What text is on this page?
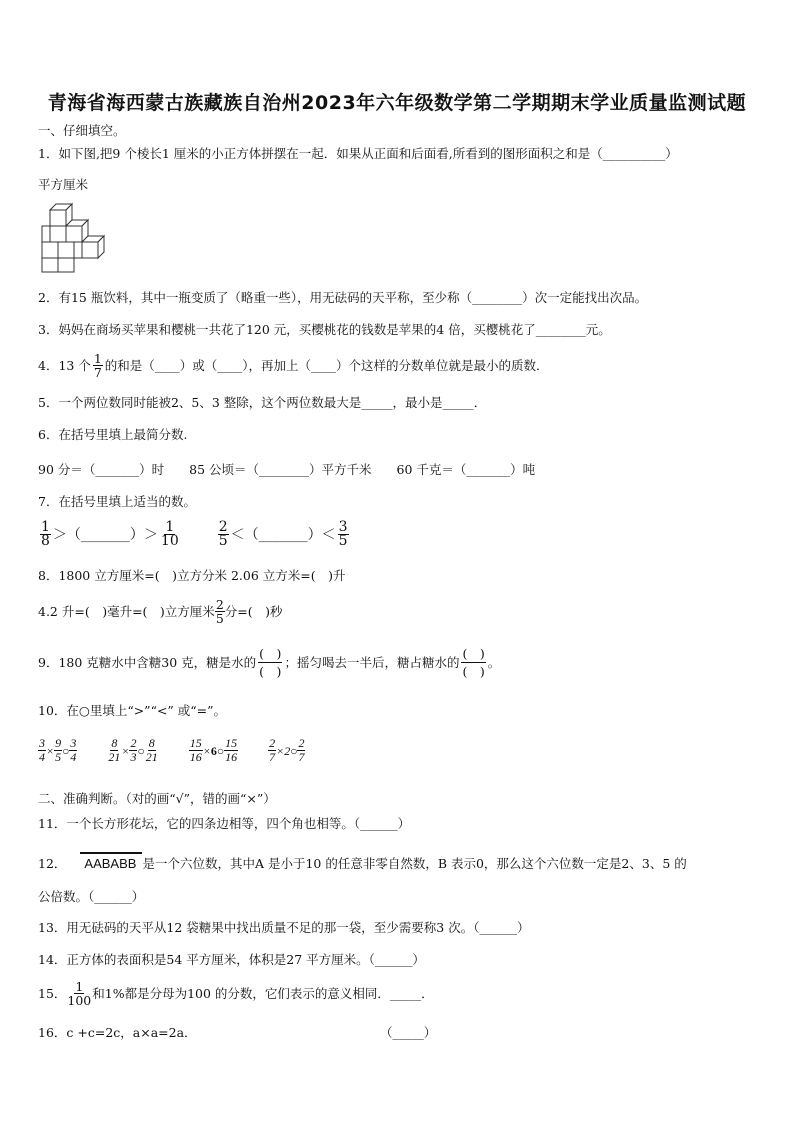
青海省海西蒙古族藏族自治州2023年六年级数学第二学期期末学业质量监测试题
一、仔细填空。
1．如下图,把9 个棱长1 厘米的小正方体拼摆在一起．如果从正面和后面看,所看到的图形面积之和是（__________）
平方厘米
2．有15 瓶饮料，其中一瓶变质了（略重一些），用无砝码的天平称，至少称（________）次一定能找出次品。
3．妈妈在商场买苹果和樱桃一共花了120 元，买樱桃花的钱数是苹果的4 倍，买樱桃花了________元。
4．13 个 1
7 的和是（____）或（____），再加上（____）个这样的分数单位就是最小的质数．
5．一个两位数同时能被2、5、3 整除，这个两位数最大是_____，最小是_____．
6．在括号里填上最简分数.
90 分＝（_______）时　　85 公顷＝（________）平方千米　　60 千克＝（_______）吨
7．在括号里填上适当的数。
1
8 ＞（_______）＞ 1
10
2
5 ＜（_______）＜ 3
5
8．1800 立方厘米=(　)立方分米 2.06 立方米=(　)升
4.2 升=(　)毫升=(　)立方厘米 2
5 分=(　)秒
9．180 克糖水中含糖30 克，糖是水的
(　)
(　)
；摇匀喝去一半后，糖占糖水的
(　)
(　)
。
10．在○里填上“>”“<” 或“=”。
3
4 ×
9
5 ○
3
4
8
21 ×
2
3 ○
8
21
15
16 × 6 ○
15
16
2
7 × 2 ○
2
7
二、准确判断。（对的画“√”，错的画“×”）
11．一个长方形花坛，它的四条边相等，四个角也相等。（______）
12．	AABABB 是一个六位数，其中A 是小于10 的任意非零自然数，B 表示0，那么这个六位数一定是2、3、5 的
公倍数。（______）
13．用无砝码的天平从12 袋糖果中找出质量不足的那一袋，至少需要称3 次。（______）
14．正方体的表面积是54 平方厘米，体积是27 平方厘米。（______）
15． 1
100 和1%都是分母为100 的分数，它们表示的意义相同．_____．
16．c +c=2c，a×a=2a．	（_____）
